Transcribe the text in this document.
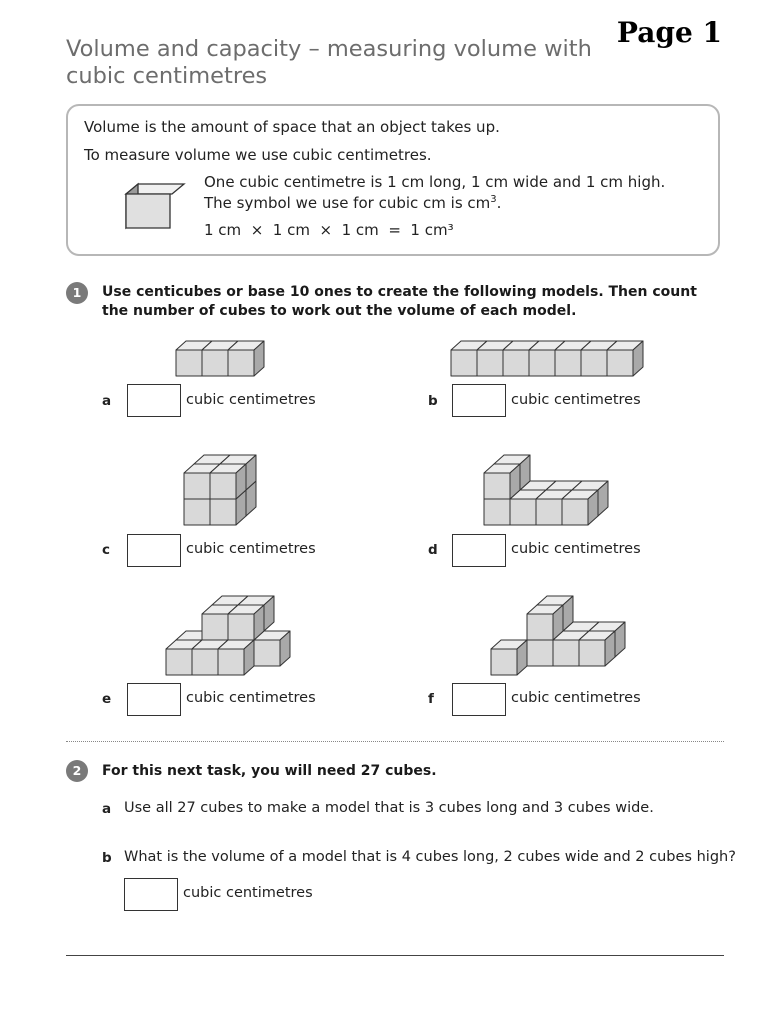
Page 1
Volume and capacity – measuring volume with cubic centimetres
Volume is the amount of space that an object takes up.
To measure volume we use cubic centimetres.
One cubic centimetre is 1 cm long, 1 cm wide and 1 cm high.
The symbol we use for cubic cm is $cm^3$.
1 cm  ×  1 cm  ×  1 cm  =  1 cm³
1	Use centicubes or base 10 ones to create the following models. Then count the number of cubes to work out the volume of each model.
a	cubic centimetres	b	cubic centimetres
c	cubic centimetres	d	cubic centimetres
e	cubic centimetres	f	cubic centimetres
2	For this next task, you will need 27 cubes.
a Use all 27 cubes to make a model that is 3 cubes long and 3 cubes wide.
b What is the volume of a model that is 4 cubes long, 2 cubes wide and 2 cubes high?
cubic centimetres
